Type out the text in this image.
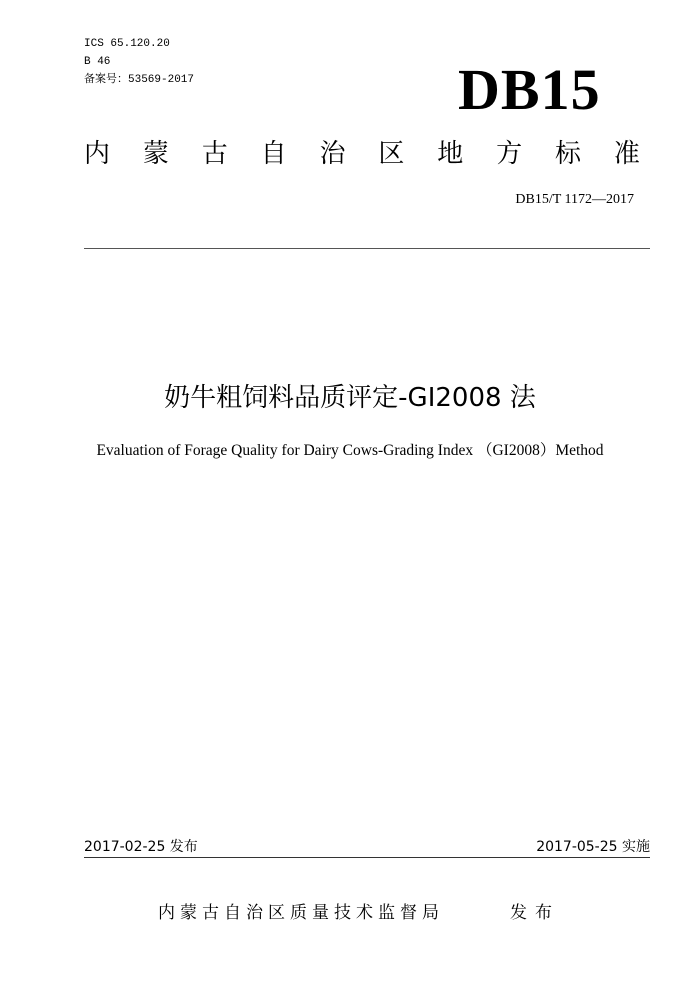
ICS 65.120.20
B 46
备案号：53569-2017	DB15
内 蒙 古 自 治 区 地 方 标 准
DB15/T 1172—2017
奶牛粗饲料品质评定-GI2008 法
Evaluation of Forage Quality for Dairy Cows-Grading Index （GI2008）Method
2017-02-25 发布	2017-05-25 实施
内蒙古自治区质量技术监督局	发布
